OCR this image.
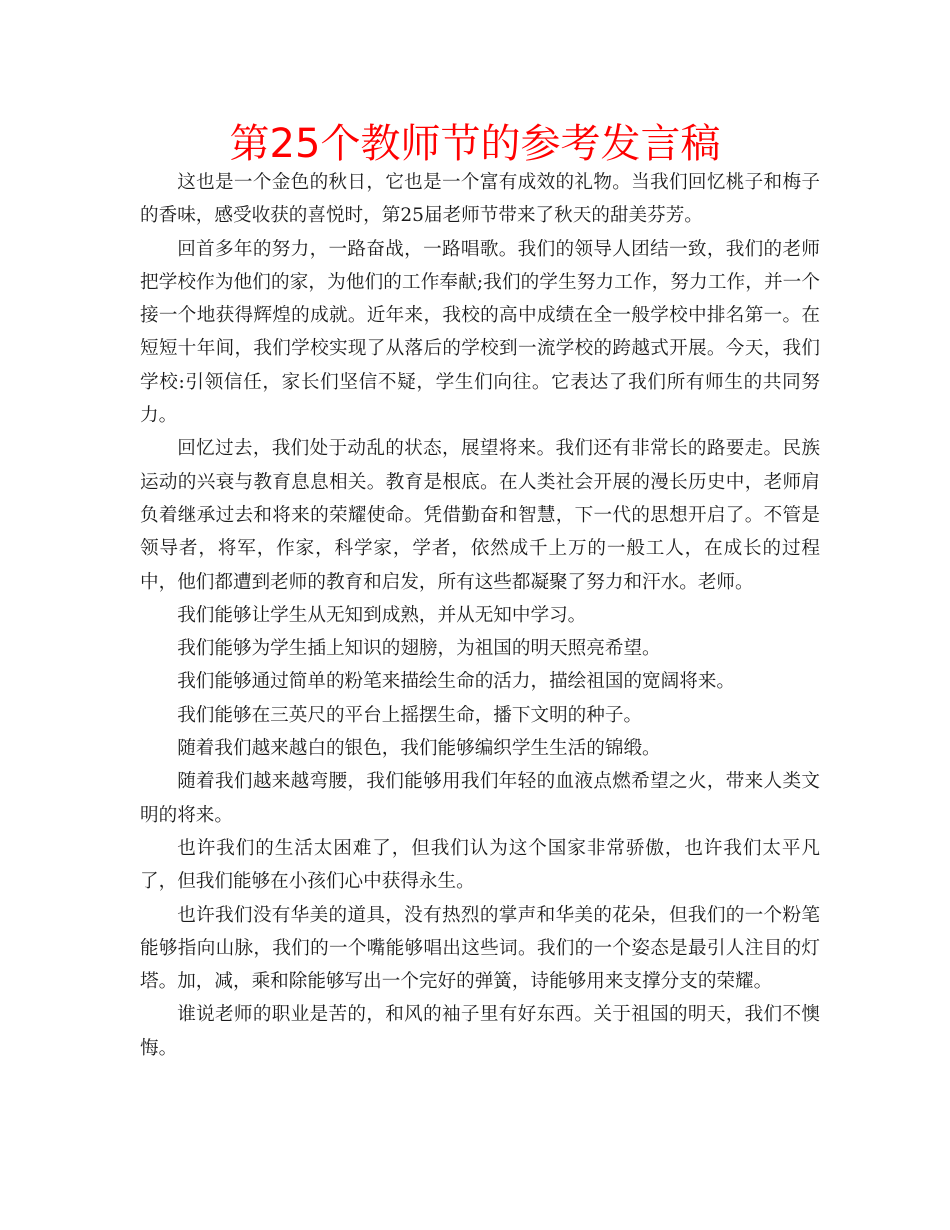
第25个教师节的参考发言稿

这也是一个金色的秋日，它也是一个富有成效的礼物。当我们回忆桃子和梅子的香味，感受收获的喜悦时，第25届老师节带来了秋天的甜美芬芳。

回首多年的努力，一路奋战，一路唱歌。我们的领导人团结一致，我们的老师把学校作为他们的家，为他们的工作奉献;我们的学生努力工作，努力工作，并一个接一个地获得辉煌的成就。近年来，我校的高中成绩在全一般学校中排名第一。在短短十年间，我们学校实现了从落后的学校到一流学校的跨越式开展。今天，我们学校:引领信任，家长们坚信不疑，学生们向往。它表达了我们所有师生的共同努力。

回忆过去，我们处于动乱的状态，展望将来。我们还有非常长的路要走。民族运动的兴衰与教育息息相关。教育是根底。在人类社会开展的漫长历史中，老师肩负着继承过去和将来的荣耀使命。凭借勤奋和智慧，下一代的思想开启了。不管是领导者，将军，作家，科学家，学者，依然成千上万的一般工人，在成长的过程中，他们都遭到老师的教育和启发，所有这些都凝聚了努力和汗水。老师。

我们能够让学生从无知到成熟，并从无知中学习。

我们能够为学生插上知识的翅膀，为祖国的明天照亮希望。

我们能够通过简单的粉笔来描绘生命的活力，描绘祖国的宽阔将来。

我们能够在三英尺的平台上摇摆生命，播下文明的种子。

随着我们越来越白的银色，我们能够编织学生生活的锦缎。

随着我们越来越弯腰，我们能够用我们年轻的血液点燃希望之火，带来人类文明的将来。

也许我们的生活太困难了，但我们认为这个国家非常骄傲，也许我们太平凡了，但我们能够在小孩们心中获得永生。

也许我们没有华美的道具，没有热烈的掌声和华美的花朵，但我们的一个粉笔能够指向山脉，我们的一个嘴能够唱出这些词。我们的一个姿态是最引人注目的灯塔。加，减，乘和除能够写出一个完好的弹簧，诗能够用来支撑分支的荣耀。

谁说老师的职业是苦的，和风的袖子里有好东西。关于祖国的明天，我们不懊悔。
